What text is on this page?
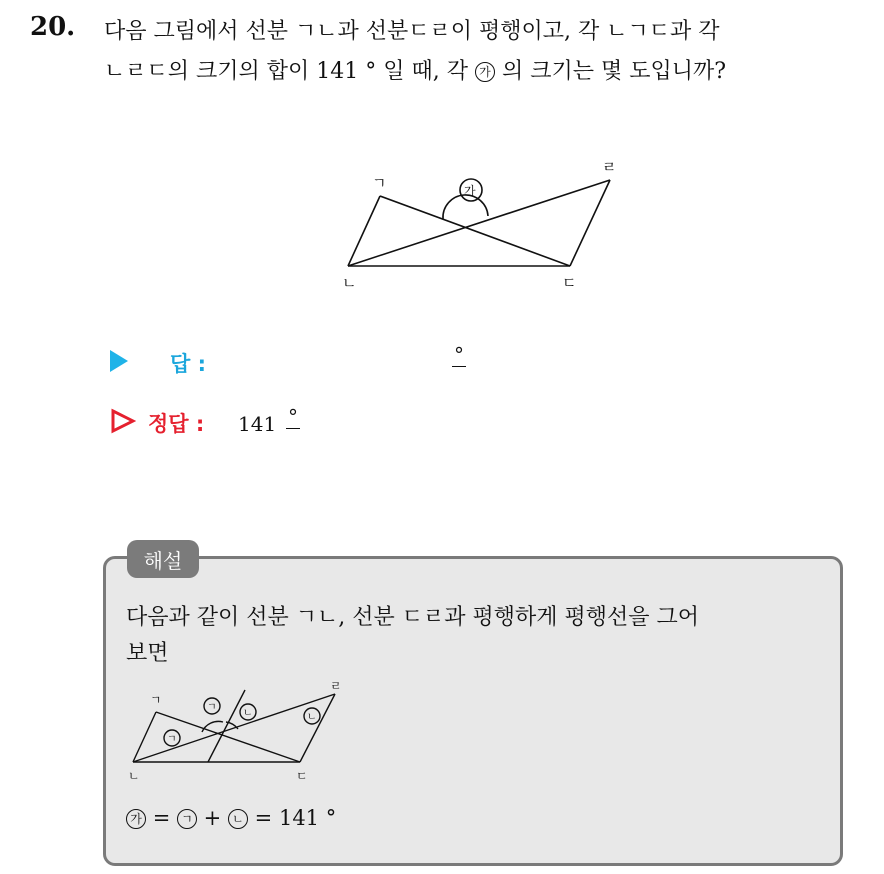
20. 다음 그림에서 선분 ㄱㄴ과 선분ㄷㄹ이 평행이고, 각 ㄴㄱㄷ과 각
ㄴㄹㄷ의 크기의 합이 141 ° 일 때, 각 가 의 크기는 몇 도입니까?
ㄱ
ㄴ	ㄷ
ㄹ
가
답 :	°
정답 : 141 °
해설
다음과 같이 선분 ㄱㄴ, 선분 ㄷㄹ과 평행하게 평행선을 그어
보면
ㄱ
ㄴ	ㄷ
ㄹ
ㄱ
ㄱ
ㄴ	ㄴ
가 = ㄱ + ㄴ = 141 °
